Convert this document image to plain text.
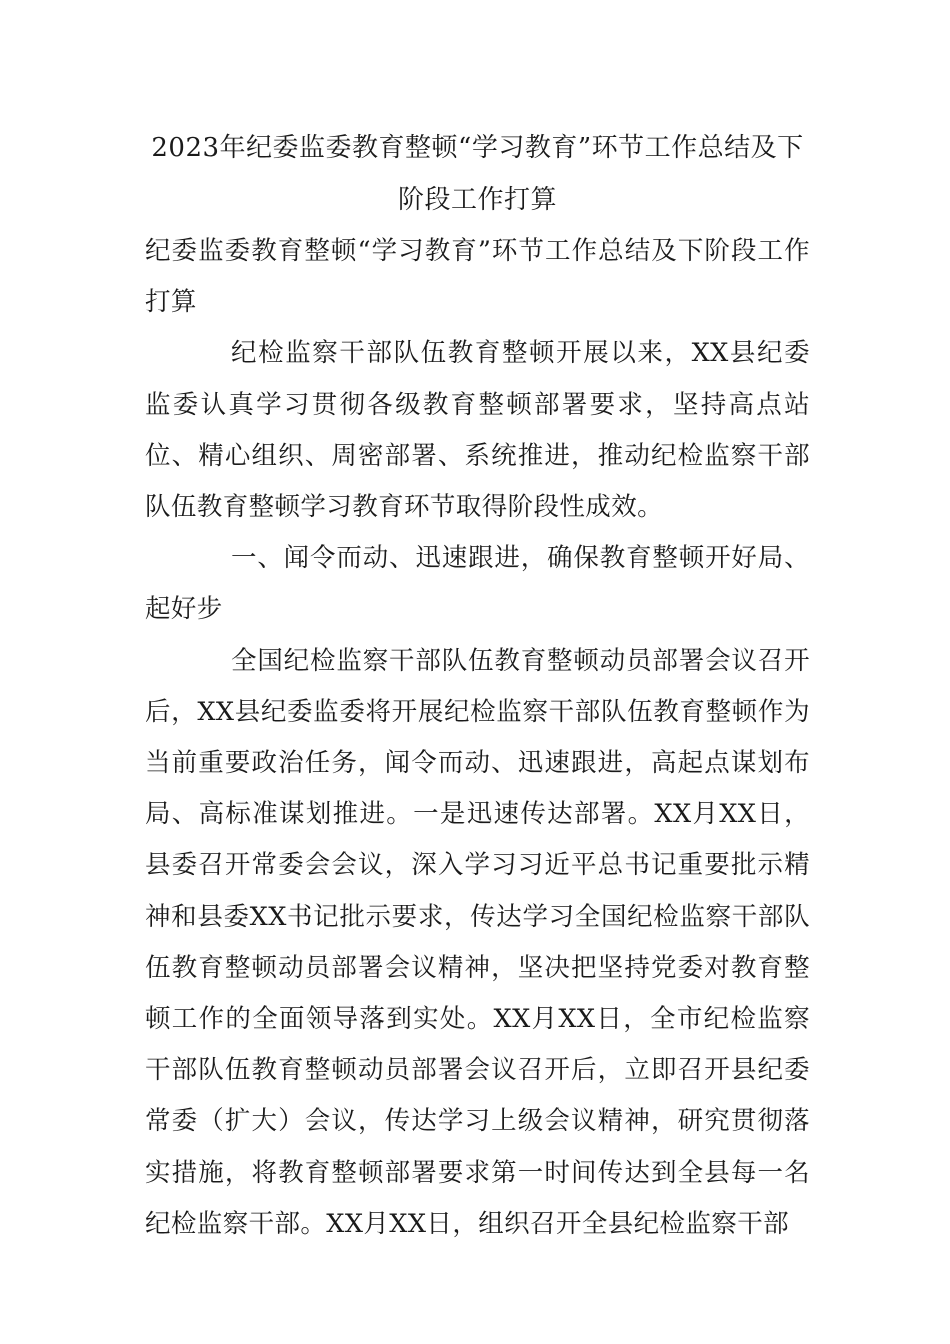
2023年纪委监委教育整顿“学习教育”环节工作总结及下
阶段工作打算

纪委监委教育整顿“学习教育”环节工作总结及下阶段工作打算

纪检监察干部队伍教育整顿开展以来，XX县纪委监委认真学习贯彻各级教育整顿部署要求，坚持高点站位、精心组织、周密部署、系统推进，推动纪检监察干部队伍教育整顿学习教育环节取得阶段性成效。

一、闻令而动、迅速跟进，确保教育整顿开好局、起好步

全国纪检监察干部队伍教育整顿动员部署会议召开后，XX县纪委监委将开展纪检监察干部队伍教育整顿作为当前重要政治任务，闻令而动、迅速跟进，高起点谋划布局、高标准谋划推进。一是迅速传达部署。XX月XX日，县委召开常委会会议，深入学习习近平总书记重要批示精神和县委XX书记批示要求，传达学习全国纪检监察干部队伍教育整顿动员部署会议精神，坚决把坚持党委对教育整顿工作的全面领导落到实处。XX月XX日，全市纪检监察干部队伍教育整顿动员部署会议召开后，立即召开县纪委常委（扩大）会议，传达学习上级会议精神，研究贯彻落实措施，将教育整顿部署要求第一时间传达到全县每一名纪检监察干部。XX月XX日，组织召开全县纪检监察干部
